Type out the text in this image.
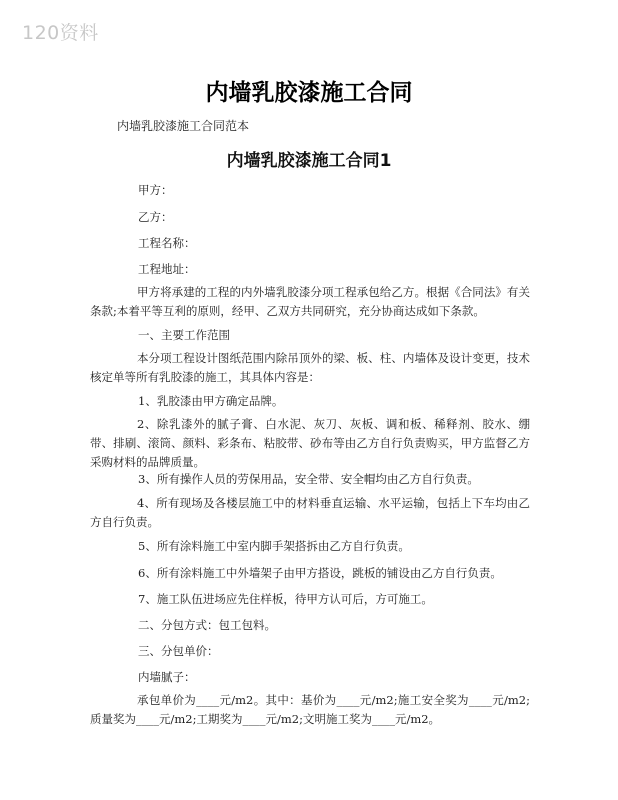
120资料
内墙乳胶漆施工合同
内墙乳胶漆施工合同范本
内墙乳胶漆施工合同1
甲方：
乙方：
工程名称：
工程地址：
甲方将承建的工程的内外墙乳胶漆分项工程承包给乙方。根据《合同法》有关条款;本着平等互利的原则，经甲、乙双方共同研究，充分协商达成如下条款。
一、主要工作范围
本分项工程设计图纸范围内除吊顶外的梁、板、柱、内墙体及设计变更，技术核定单等所有乳胶漆的施工，其具体内容是：
1、乳胶漆由甲方确定品牌。
2、除乳漆外的腻子膏、白水泥、灰刀、灰板、调和板、稀释剂、胶水、绷带、排刷、滚筒、颜料、彩条布、粘胶带、砂布等由乙方自行负责购买，甲方监督乙方采购材料的品牌质量。
3、所有操作人员的劳保用品，安全带、安全帽均由乙方自行负责。
4、所有现场及各楼层施工中的材料垂直运输、水平运输，包括上下车均由乙方自行负责。
5、所有涂料施工中室内脚手架搭拆由乙方自行负责。
6、所有涂料施工中外墙架子由甲方搭设，跳板的铺设由乙方自行负责。
7、施工队伍进场应先住样板，待甲方认可后，方可施工。
二、分包方式：包工包料。
三、分包单价：
内墙腻子：
承包单价为____元/m2。其中：基价为____元/m2;施工安全奖为____元/m2;质量奖为____元/m2;工期奖为____元/m2;文明施工奖为____元/m2。
